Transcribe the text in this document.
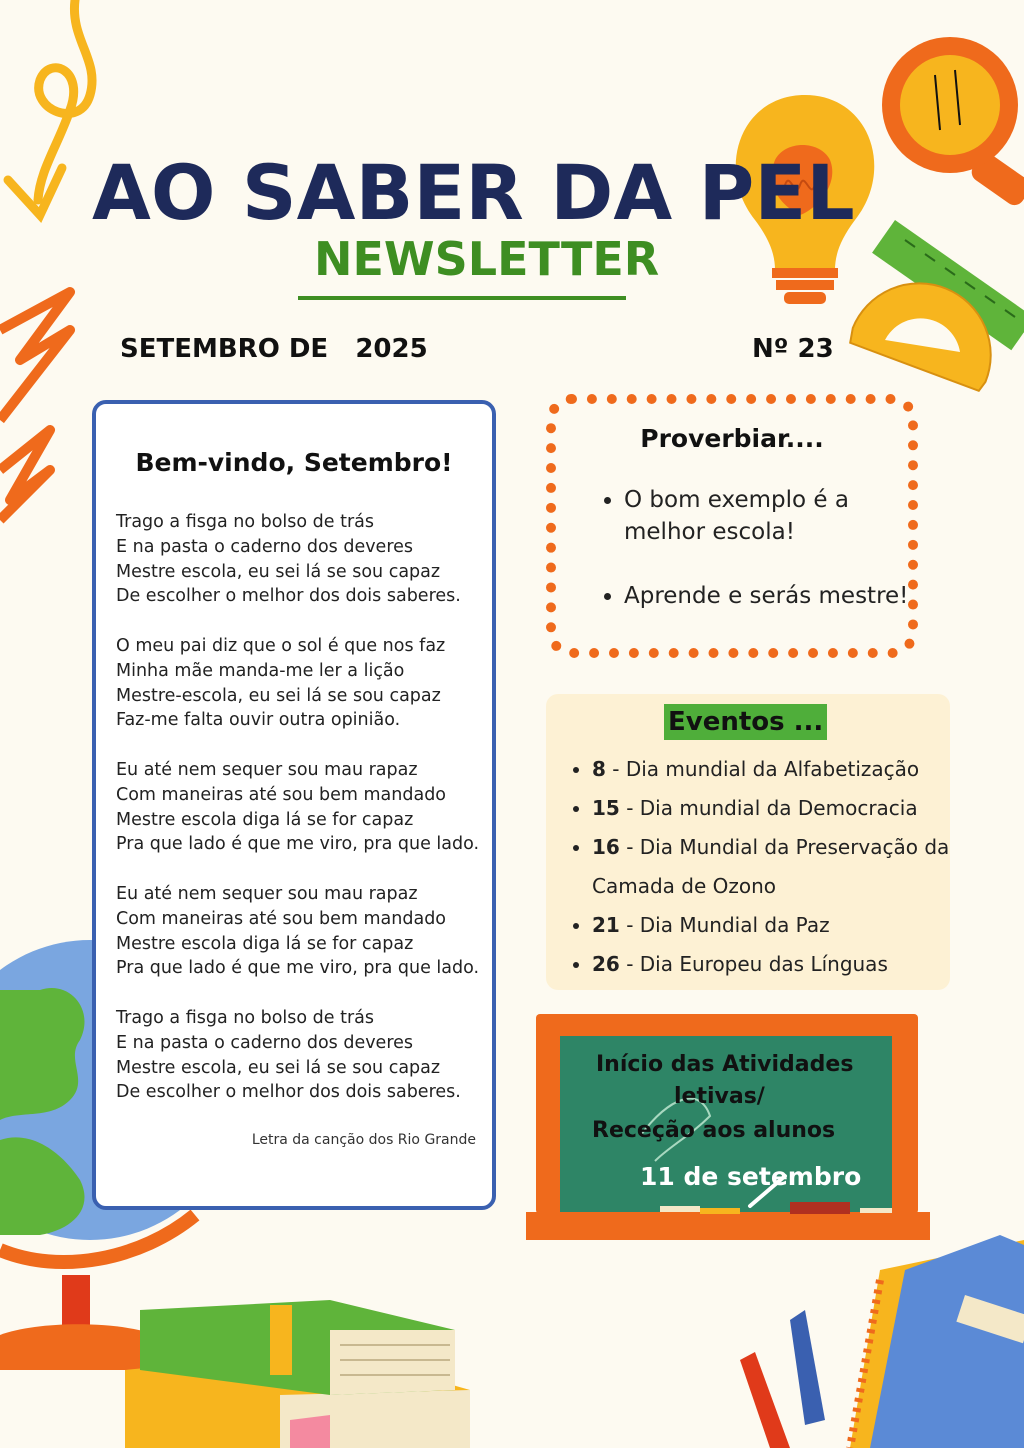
AO SABER DA PEL
NEWSLETTER
SETEMBRO DE   2025	Nº 23
Bem-vindo, Setembro!
Trago a fisga no bolso de trás
E na pasta o caderno dos deveres
Mestre escola, eu sei lá se sou capaz
De escolher o melhor dos dois saberes.
O meu pai diz que o sol é que nos faz
Minha mãe manda-me ler a lição
Mestre-escola, eu sei lá se sou capaz
Faz-me falta ouvir outra opinião.
Eu até nem sequer sou mau rapaz
Com maneiras até sou bem mandado
Mestre escola diga lá se for capaz
Pra que lado é que me viro, pra que lado.
Eu até nem sequer sou mau rapaz
Com maneiras até sou bem mandado
Mestre escola diga lá se for capaz
Pra que lado é que me viro, pra que lado.
Trago a fisga no bolso de trás
E na pasta o caderno dos deveres
Mestre escola, eu sei lá se sou capaz
De escolher o melhor dos dois saberes.
Letra da canção dos Rio Grande
Proverbiar....
• O bom exemplo é a melhor escola!
• Aprende e serás mestre!
Eventos ...
• 8 - Dia mundial da Alfabetização
• 15 - Dia mundial da Democracia
• 16 - Dia Mundial da Preservação da Camada de Ozono
• 21 - Dia Mundial da Paz
• 26 - Dia Europeu das Línguas
Início das Atividades
letivas/
Receção aos alunos
11 de setembro
